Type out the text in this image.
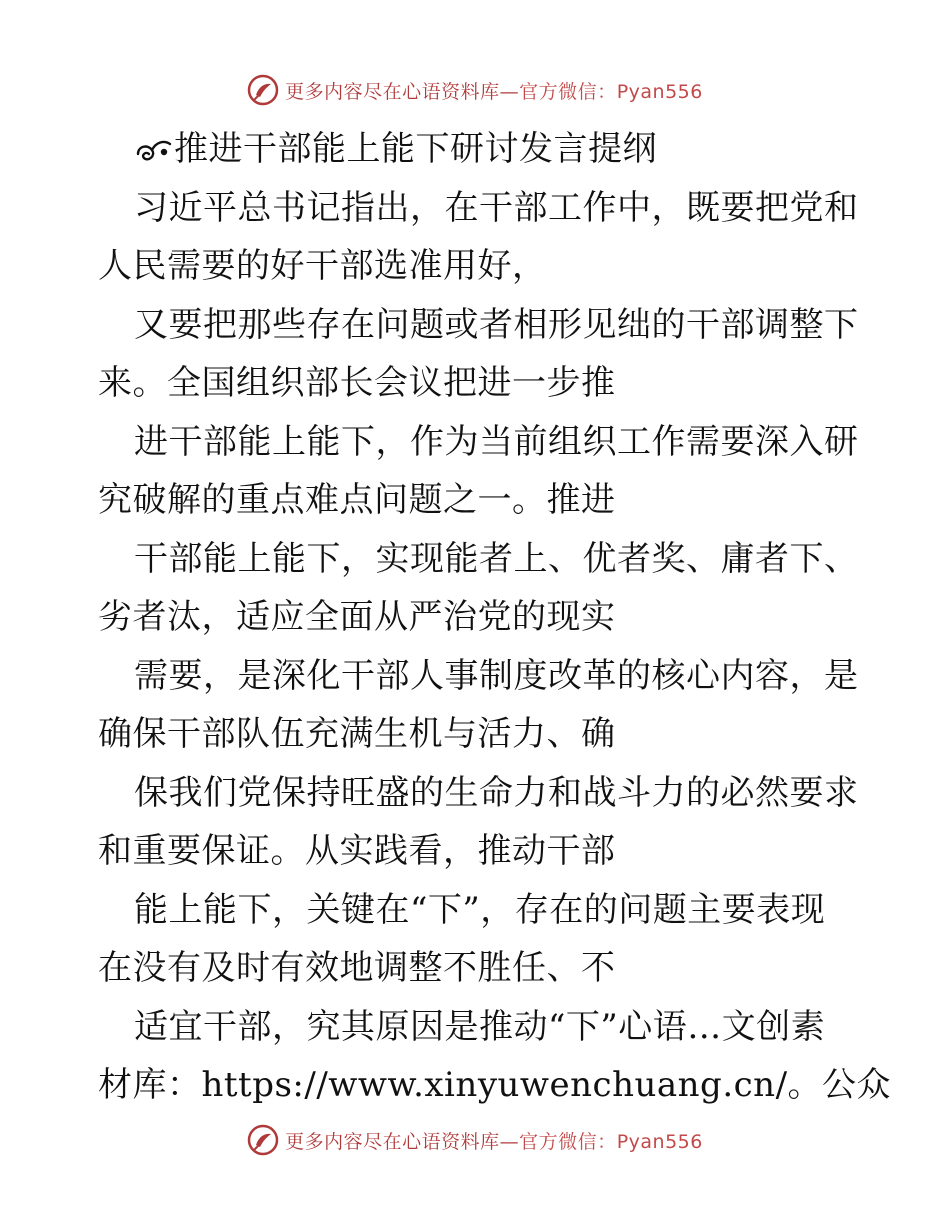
更多内容尽在心语资料库—官方微信：Pyan556
推进干部能上能下研讨发言提纲
习近平总书记指出，在干部工作中，既要把党和
人民需要的好干部选准用好，
又要把那些存在问题或者相形见绌的干部调整下
来。全国组织部长会议把进一步推
进干部能上能下，作为当前组织工作需要深入研
究破解的重点难点问题之一。推进
干部能上能下，实现能者上、优者奖、庸者下、
劣者汰，适应全面从严治党的现实
需要，是深化干部人事制度改革的核心内容，是
确保干部队伍充满生机与活力、确
保我们党保持旺盛的生命力和战斗力的必然要求
和重要保证。从实践看，推动干部
能上能下，关键在“下”，存在的问题主要表现
在没有及时有效地调整不胜任、不
适宜干部，究其原因是推动“下”心语…文创素
材库：https://www.xinyuwenchuang.cn/。公众
更多内容尽在心语资料库—官方微信：Pyan556
